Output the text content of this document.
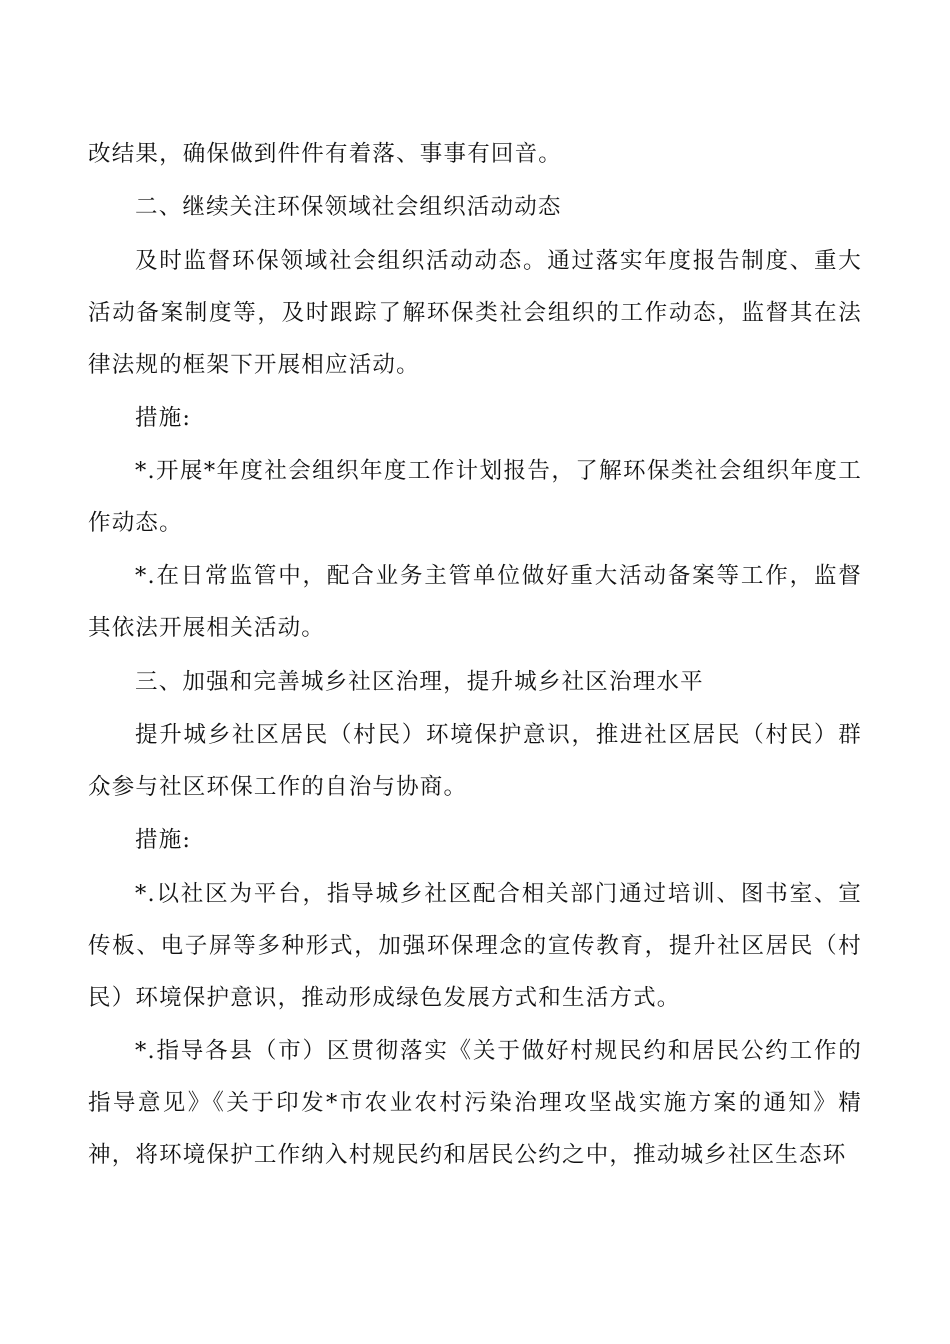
改结果，确保做到件件有着落、事事有回音。

二、继续关注环保领域社会组织活动动态

及时监督环保领域社会组织活动动态。通过落实年度报告制度、重大活动备案制度等，及时跟踪了解环保类社会组织的工作动态，监督其在法律法规的框架下开展相应活动。

措施:

*.开展*年度社会组织年度工作计划报告，了解环保类社会组织年度工作动态。

*.在日常监管中，配合业务主管单位做好重大活动备案等工作，监督其依法开展相关活动。

三、加强和完善城乡社区治理，提升城乡社区治理水平

提升城乡社区居民（村民）环境保护意识，推进社区居民（村民）群众参与社区环保工作的自治与协商。

措施:

*.以社区为平台，指导城乡社区配合相关部门通过培训、图书室、宣传板、电子屏等多种形式，加强环保理念的宣传教育，提升社区居民（村民）环境保护意识，推动形成绿色发展方式和生活方式。

*.指导各县（市）区贯彻落实《关于做好村规民约和居民公约工作的指导意见》《关于印发*市农业农村污染治理攻坚战实施方案的通知》精神，将环境保护工作纳入村规民约和居民公约之中，推动城乡社区生态环
